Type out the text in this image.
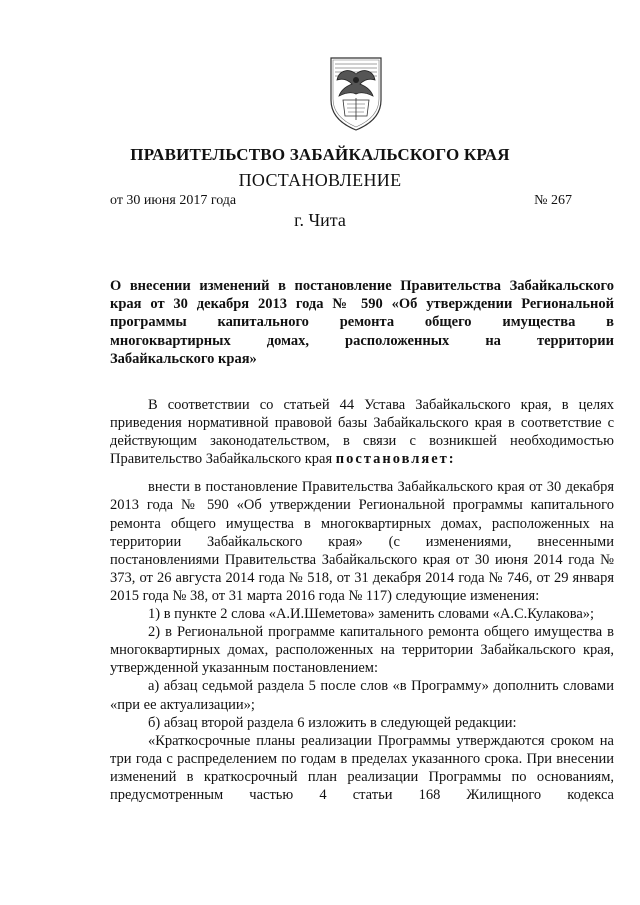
ПРАВИТЕЛЬСТВО ЗАБАЙКАЛЬСКОГО КРАЯ
ПОСТАНОВЛЕНИЕ
от 30 июня 2017 года	№ 267
г. Чита
О внесении изменений в постановление Правительства Забайкальского
края от 30 декабря 2013 года № 590 «Об утверждении Региональной
программы капитального ремонта общего имущества в
многоквартирных домах, расположенных на территории
Забайкальского края»

В соответствии со статьей 44 Устава Забайкальского края, в целях приведения нормативной правовой базы Забайкальского края в соответствие с действующим законодательством, в связи с возникшей необходимостью Правительство Забайкальского края постановляет:

внести в постановление Правительства Забайкальского края от 30 декабря 2013 года № 590 «Об утверждении Региональной программы капитального ремонта общего имущества в многоквартирных домах, расположенных на территории Забайкальского края» (с изменениями, внесенными постановлениями Правительства Забайкальского края от 30 июня 2014 года № 373, от 26 августа 2014 года № 518, от 31 декабря 2014 года № 746, от 29 января 2015 года № 38, от 31 марта 2016 года № 117) следующие изменения:

1) в пункте 2 слова «А.И.Шеметова» заменить словами «А.С.Кулакова»;

2) в Региональной программе капитального ремонта общего имущества в многоквартирных домах, расположенных на территории Забайкальского края, утвержденной указанным постановлением:

а) абзац седьмой раздела 5 после слов «в Программу» дополнить словами «при ее актуализации»;

б) абзац второй раздела 6 изложить в следующей редакции:

«Краткосрочные планы реализации Программы утверждаются сроком на три года с распределением по годам в пределах указанного срока. При внесении изменений в краткосрочный план реализации Программы по основаниям, предусмотренным частью 4 статьи 168 Жилищного кодекса
